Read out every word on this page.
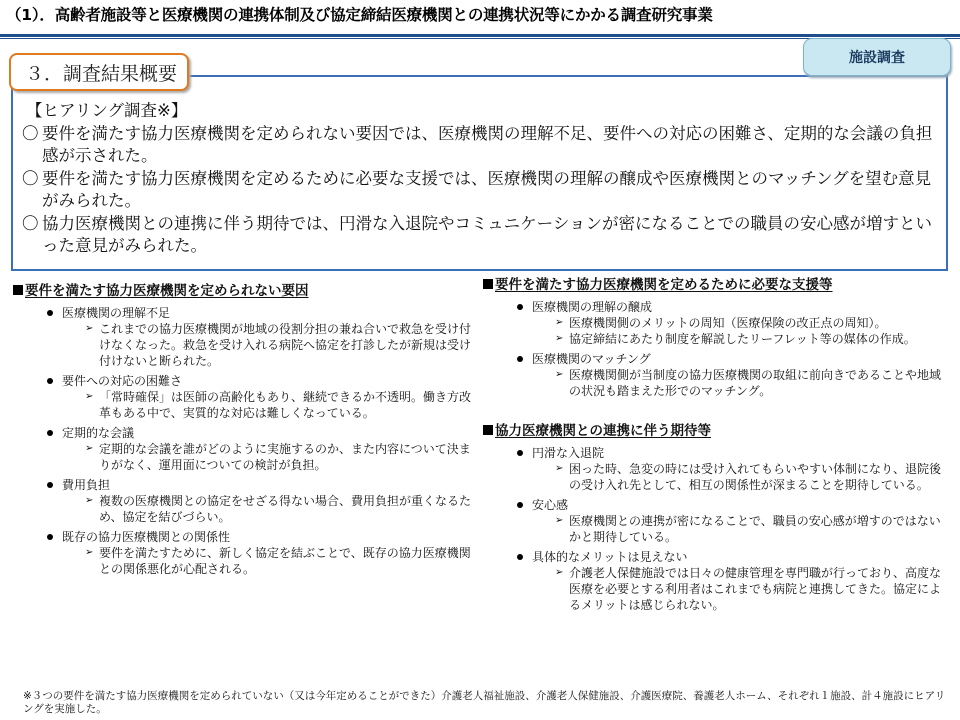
（1）．高齢者施設等と医療機関の連携体制及び協定締結医療機関との連携状況等にかかる調査研究事業
３．調査結果概要
施設調査
【ヒアリング調査※】
〇 要件を満たす協力医療機関を定められない要因では、医療機関の理解不足、要件への対応の困難さ、定期的な会議の負担感が示された。
〇 要件を満たす協力医療機関を定めるために必要な支援では、医療機関の理解の醸成や医療機関とのマッチングを望む意見がみられた。
〇 協力医療機関との連携に伴う期待では、円滑な入退院やコミュニケーションが密になることでの職員の安心感が増すといった意見がみられた。
要件を満たす協力医療機関を定められない要因
医療機関の理解不足
➢ これまでの協力医療機関が地域の役割分担の兼ね合いで救急を受け付けなくなった。救急を受け入れる病院へ協定を打診したが新規は受け付けないと断られた。
要件への対応の困難さ
➢ 「常時確保」は医師の高齢化もあり、継続できるか不透明。働き方改革もある中で、実質的な対応は難しくなっている。
定期的な会議
➢ 定期的な会議を誰がどのように実施するのか、また内容について決まりがなく、運用面についての検討が負担。
費用負担
➢ 複数の医療機関との協定をせざる得ない場合、費用負担が重くなるため、協定を結びづらい。
既存の協力医療機関との関係性
➢ 要件を満たすために、新しく協定を結ぶことで、既存の協力医療機関との関係悪化が心配される。
要件を満たす協力医療機関を定めるために必要な支援等
医療機関の理解の醸成
➢ 医療機関側のメリットの周知（医療保険の改正点の周知）。
➢ 協定締結にあたり制度を解説したリーフレット等の媒体の作成。
医療機関のマッチング
➢ 医療機関側が当制度の協力医療機関の取組に前向きであることや地域の状況も踏まえた形でのマッチング。
協力医療機関との連携に伴う期待等
円滑な入退院
➢ 困った時、急変の時には受け入れてもらいやすい体制になり、退院後の受け入れ先として、相互の関係性が深まることを期待している。
安心感
➢ 医療機関との連携が密になることで、職員の安心感が増すのではないかと期待している。
具体的なメリットは見えない
➢ 介護老人保健施設では日々の健康管理を専門職が行っており、高度な医療を必要とする利用者はこれまでも病院と連携してきた。協定によるメリットは感じられない。
※３つの要件を満たす協力医療機関を定められていない（又は今年定めることができた）介護老人福祉施設、介護老人保健施設、介護医療院、養護老人ホーム、それぞれ１施設、計４施設にヒアリングを実施した。
